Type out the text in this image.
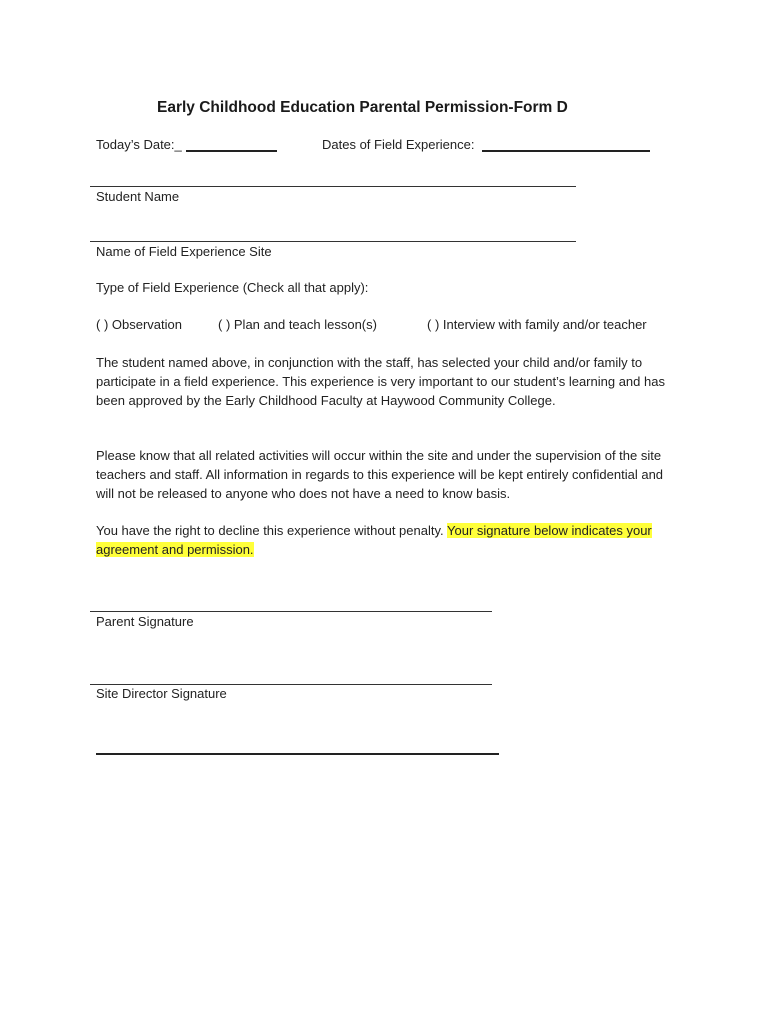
Early Childhood Education Parental Permission-Form D
Today’s Date:_	Dates of Field Experience:
Student Name
Name of Field Experience Site
Type of Field Experience (Check all that apply):
( ) Observation	( ) Plan and teach lesson(s)	( ) Interview with family and/or teacher
The student named above, in conjunction with the staff, has selected your child and/or family to participate in a field experience. This experience is very important to our student’s learning and has been approved by the Early Childhood Faculty at Haywood Community College.
Please know that all related activities will occur within the site and under the supervision of the site teachers and staff. All information in regards to this experience will be kept entirely confidential and will not be released to anyone who does not have a need to know basis.
You have the right to decline this experience without penalty. Your signature below indicates your agreement and permission.
Parent Signature
Site Director Signature
